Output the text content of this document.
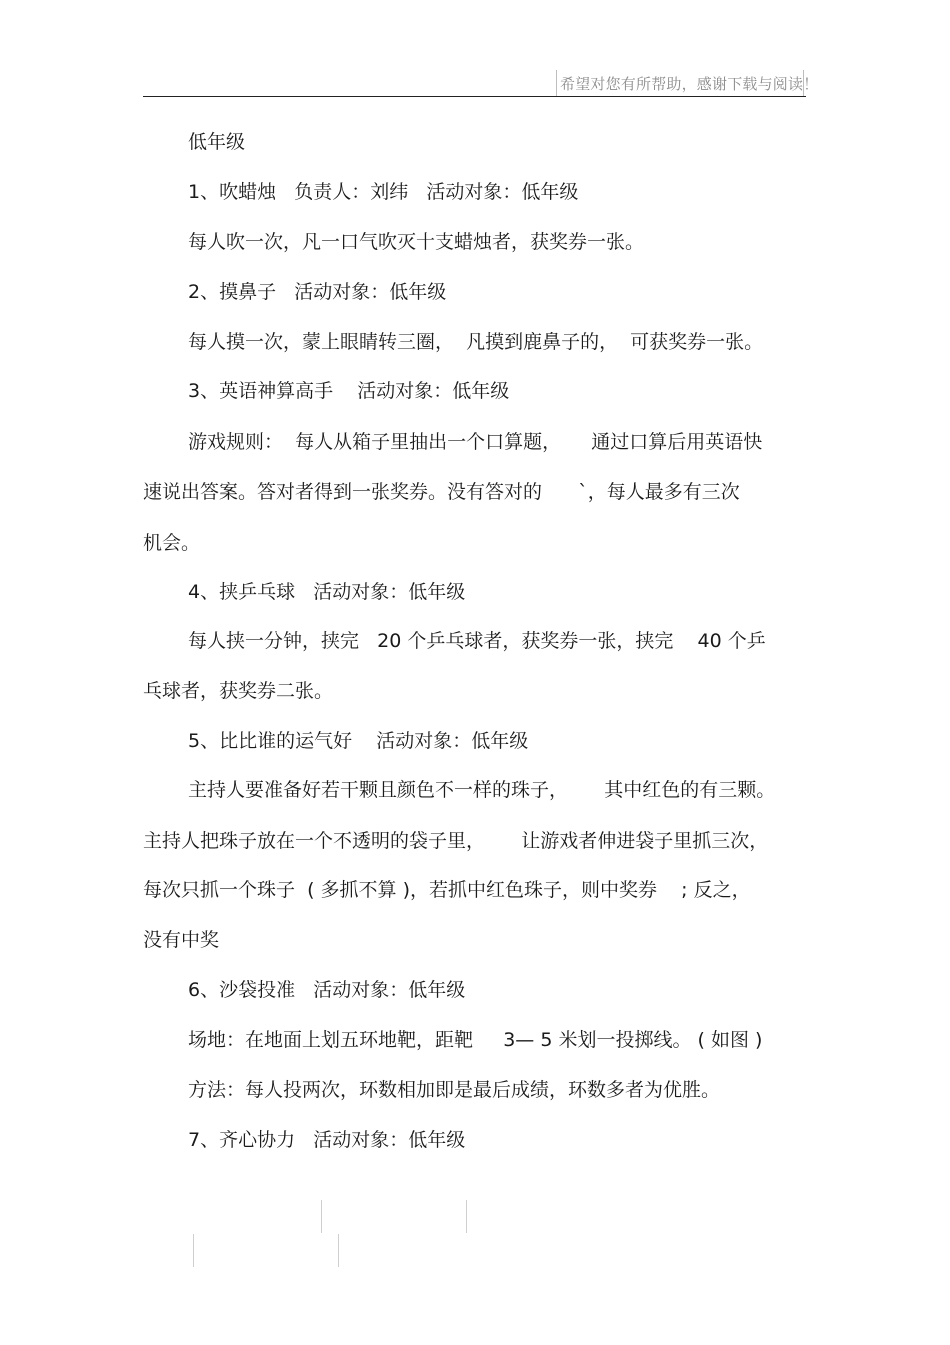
希望对您有所帮助，感谢下载与阅读！
低年级
1、吹蜡烛   负责人：刘纬   活动对象：低年级
每人吹一次，凡一口气吹灭十支蜡烛者，获奖券一张。
2、摸鼻子   活动对象：低年级
每人摸一次，蒙上眼睛转三圈，  凡摸到鹿鼻子的，  可获奖券一张。
3、英语神算高手    活动对象：低年级
游戏规则：  每人从箱子里抽出一个口算题，     通过口算后用英语快
速说出答案。答对者得到一张奖券。没有答对的      `，每人最多有三次
机会。
4、挟乒乓球   活动对象：低年级
每人挟一分钟，挟完   20 个乒乓球者，获奖券一张，挟完    40 个乒
乓球者，获奖券二张。
5、比比谁的运气好    活动对象：低年级
主持人要准备好若干颗且颜色不一样的珠子，      其中红色的有三颗。
主持人把珠子放在一个不透明的袋子里，      让游戏者伸进袋子里抓三次，
每次只抓一个珠子  ( 多抓不算 )，若抓中红色珠子，则中奖券    ; 反之，
没有中奖
6、沙袋投准   活动对象：低年级
场地：在地面上划五环地靶，距靶     3— 5 米划一投掷线。 ( 如图 )
方法：每人投两次，环数相加即是最后成绩，环数多者为优胜。
7、齐心协力   活动对象：低年级
